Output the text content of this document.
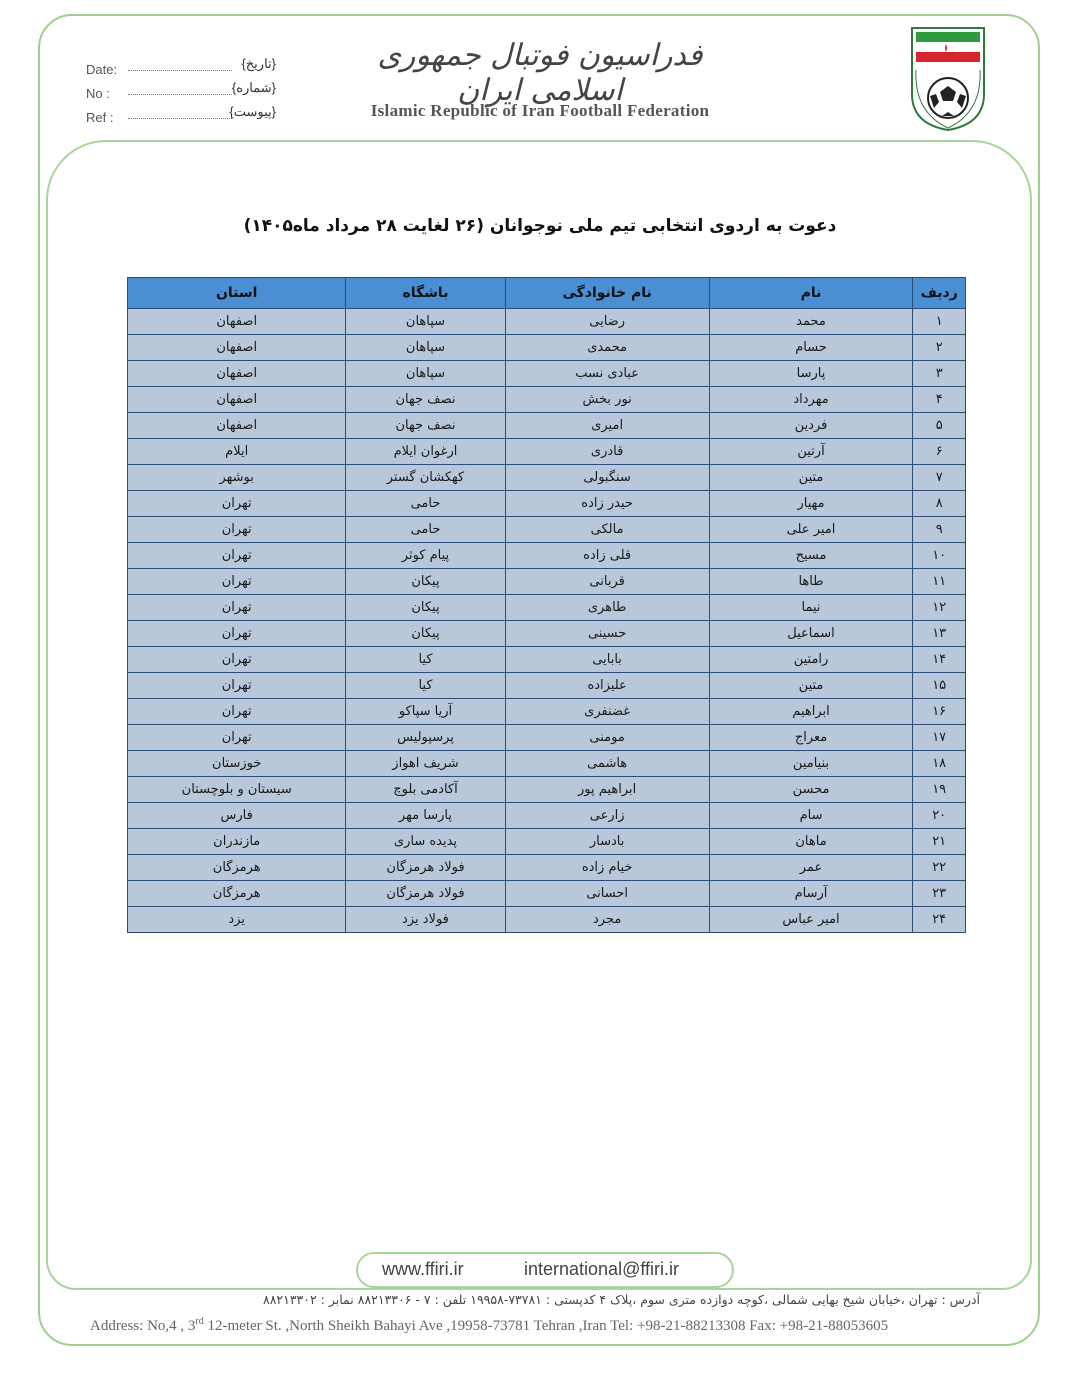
Date:	{تاریخ}
No :	{شماره}
Ref :	{پیوست}
فدراسیون فوتبال جمهوری اسلامی ایران
Islamic Republic of Iran Football Federation
دعوت به اردوی انتخابی تیم ملی نوجوانان (۲۶ لغایت ۲۸ مرداد ماه۱۴۰۵)
ردیف	نام	نام خانوادگی	باشگاه	استان
۱	محمد	رضایی	سپاهان	اصفهان
۲	حسام	محمدی	سپاهان	اصفهان
۳	پارسا	عبادی نسب	سپاهان	اصفهان
۴	مهرداد	نور بخش	نصف جهان	اصفهان
۵	فردین	امیری	نصف جهان	اصفهان
۶	آرتین	قادری	ارغوان ایلام	ایلام
۷	متین	سنگبولی	کهکشان گستر	بوشهر
۸	مهیار	حیدر زاده	حامی	تهران
۹	امیر علی	مالکی	حامی	تهران
۱۰	مسیح	قلی زاده	پیام کوثر	تهران
۱۱	طاها	قربانی	پیکان	تهران
۱۲	نیما	طاهری	پیکان	تهران
۱۳	اسماعیل	حسینی	پیکان	تهران
۱۴	رامتین	بابایی	کیا	تهران
۱۵	متین	علیزاده	کیا	تهران
۱۶	ابراهیم	غضنفری	آریا سپاکو	تهران
۱۷	معراج	مومنی	پرسپولیس	تهران
۱۸	بنیامین	هاشمی	شریف اهواز	خوزستان
۱۹	محسن	ابراهیم پور	آکادمی بلوچ	سیستان و بلوچستان
۲۰	سام	زارعی	پارسا مهر	فارس
۲۱	ماهان	بادسار	پدیده ساری	مازندران
۲۲	عمر	خیام زاده	فولاد هرمزگان	هرمزگان
۲۳	آرسام	احسانی	فولاد هرمزگان	هرمزگان
۲۴	امیر عباس	مجرد	فولاد یزد	یزد
www.ffiri.ir	international@ffiri.ir
آدرس : تهران ،خیابان شیخ بهایی شمالی ،کوچه دوازده متری سوم ،پلاک ۴ کدپستی : ۷۳۷۸۱-۱۹۹۵۸ تلفن : ۷ - ۸۸۲۱۳۳۰۶ نمابر : ۸۸۲۱۳۳۰۲
Address: No,4 , 3rd 12-meter St. ,North Sheikh Bahayi Ave ,19958-73781 Tehran ,Iran Tel: +98-21-88213308 Fax: +98-21-88053605
